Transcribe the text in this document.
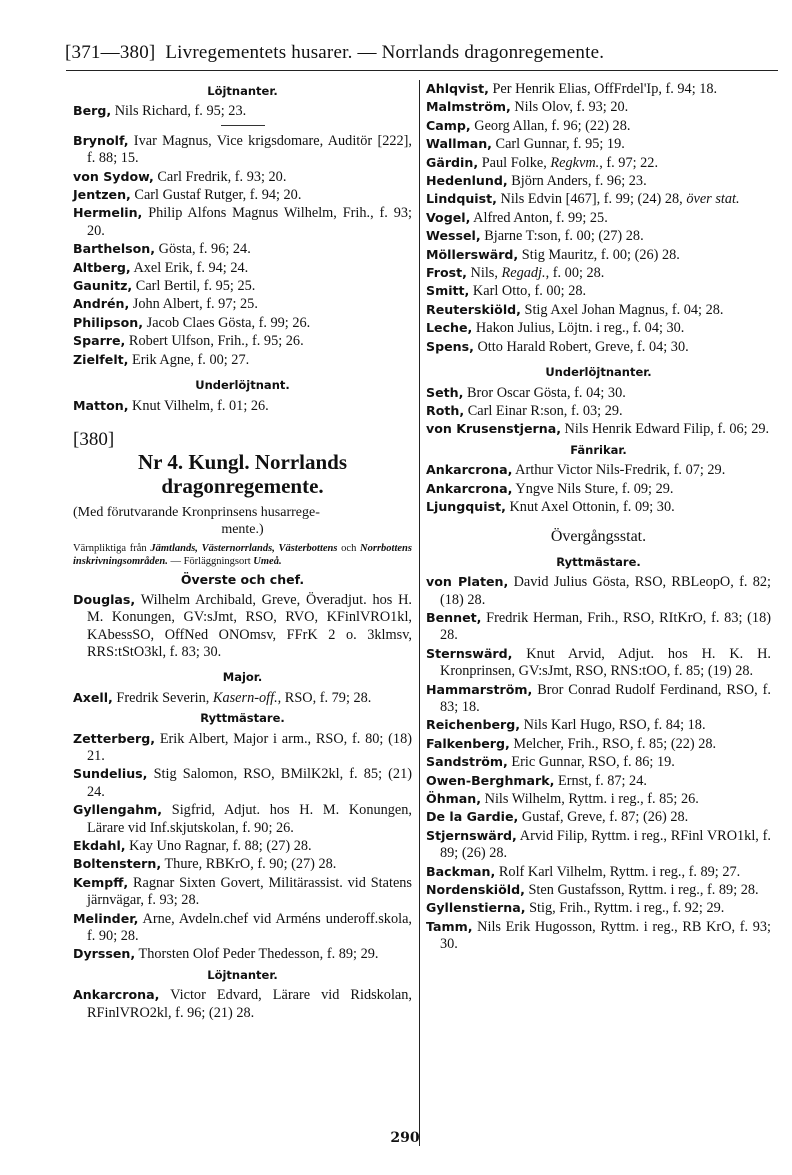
[371—380] Livregementets husarer. — Norrlands dragonregemente.
Löjtnanter.

Berg, Nils Richard, f. 95; 23.

Brynolf, Ivar Magnus, Vice krigsdomare, Auditör [222], f. 88; 15.

von Sydow, Carl Fredrik, f. 93; 20.

Jentzen, Carl Gustaf Rutger, f. 94; 20.

Hermelin, Philip Alfons Magnus Wilhelm, Frih., f. 93; 20.

Barthelson, Gösta, f. 96; 24.

Altberg, Axel Erik, f. 94; 24.

Gaunitz, Carl Bertil, f. 95; 25.

Andrén, John Albert, f. 97; 25.

Philipson, Jacob Claes Gösta, f. 99; 26.

Sparre, Robert Ulfson, Frih., f. 95; 26.

Zielfelt, Erik Agne, f. 00; 27.

Underlöjtnant.

Matton, Knut Vilhelm, f. 01; 26.

[380]
Nr 4. Kungl. Norrlands
dragonregemente.
(Med förutvarande Kronprinsens husarrege-
mente.)
Värnpliktiga från Jämtlands, Västernorrlands, Västerbottens och Norrbottens inskrivningsområden. — Förläggningsort Umeå.
Överste och chef.

Douglas, Wilhelm Archibald, Greve, Överadjut. hos H. M. Konungen, GV:sJmt, RSO, RVO, KFinlVRO1kl, KAbessSO, OffNed ONOmsv, FFrK 2 o. 3klmsv, RRS:tStO3kl, f. 83; 30.

Major.

Axell, Fredrik Severin, Kasern-off., RSO, f. 79; 28.

Ryttmästare.

Zetterberg, Erik Albert, Major i arm., RSO, f. 80; (18) 21.

Sundelius, Stig Salomon, RSO, BMilK2kl, f. 85; (21) 24.

Gyllengahm, Sigfrid, Adjut. hos H. M. Konungen, Lärare vid Inf.skjutskolan, f. 90; 26.

Ekdahl, Kay Uno Ragnar, f. 88; (27) 28.

Boltenstern, Thure, RBKrO, f. 90; (27) 28.

Kempff, Ragnar Sixten Govert, Militärassist. vid Statens järnvägar, f. 93; 28.

Melinder, Arne, Avdeln.chef vid Arméns underoff.skola, f. 90; 28.

Dyrssen, Thorsten Olof Peder Thedesson, f. 89; 29.

Löjtnanter.

Ankarcrona, Victor Edvard, Lärare vid Ridskolan, RFinlVRO2kl, f. 96; (21) 28.

Ahlqvist, Per Henrik Elias, OffFrdel'Ip, f. 94; 18.

Malmström, Nils Olov, f. 93; 20.

Camp, Georg Allan, f. 96; (22) 28.

Wallman, Carl Gunnar, f. 95; 19.

Gärdin, Paul Folke, Regkvm., f. 97; 22.

Hedenlund, Björn Anders, f. 96; 23.

Lindquist, Nils Edvin [467], f. 99; (24) 28, över stat.

Vogel, Alfred Anton, f. 99; 25.

Wessel, Bjarne T:son, f. 00; (27) 28.

Möllerswärd, Stig Mauritz, f. 00; (26) 28.

Frost, Nils, Regadj., f. 00; 28.

Smitt, Karl Otto, f. 00; 28.

Reuterskiöld, Stig Axel Johan Magnus, f. 04; 28.

Leche, Hakon Julius, Löjtn. i reg., f. 04; 30.

Spens, Otto Harald Robert, Greve, f. 04; 30.

Underlöjtnanter.

Seth, Bror Oscar Gösta, f. 04; 30.

Roth, Carl Einar R:son, f. 03; 29.

von Krusenstjerna, Nils Henrik Edward Filip, f. 06; 29.

Fänrikar.

Ankarcrona, Arthur Victor Nils-Fredrik, f. 07; 29.

Ankarcrona, Yngve Nils Sture, f. 09; 29.

Ljungquist, Knut Axel Ottonin, f. 09; 30.

Övergångsstat.
Ryttmästare.

von Platen, David Julius Gösta, RSO, RBLeopO, f. 82; (18) 28.

Bennet, Fredrik Herman, Frih., RSO, RItKrO, f. 83; (18) 28.

Sternswärd, Knut Arvid, Adjut. hos H. K. H. Kronprinsen, GV:sJmt, RSO, RNS:tOO, f. 85; (19) 28.

Hammarström, Bror Conrad Rudolf Ferdinand, RSO, f. 83; 18.

Reichenberg, Nils Karl Hugo, RSO, f. 84; 18.

Falkenberg, Melcher, Frih., RSO, f. 85; (22) 28.

Sandström, Eric Gunnar, RSO, f. 86; 19.

Owen-Berghmark, Ernst, f. 87; 24.

Öhman, Nils Wilhelm, Ryttm. i reg., f. 85; 26.

De la Gardie, Gustaf, Greve, f. 87; (26) 28.

Stjernswärd, Arvid Filip, Ryttm. i reg., RFinl VRO1kl, f. 89; (26) 28.

Backman, Rolf Karl Vilhelm, Ryttm. i reg., f. 89; 27.

Nordenskiöld, Sten Gustafsson, Ryttm. i reg., f. 89; 28.

Gyllenstierna, Stig, Frih., Ryttm. i reg., f. 92; 29.

Tamm, Nils Erik Hugosson, Ryttm. i reg., RB KrO, f. 93; 30.

290
